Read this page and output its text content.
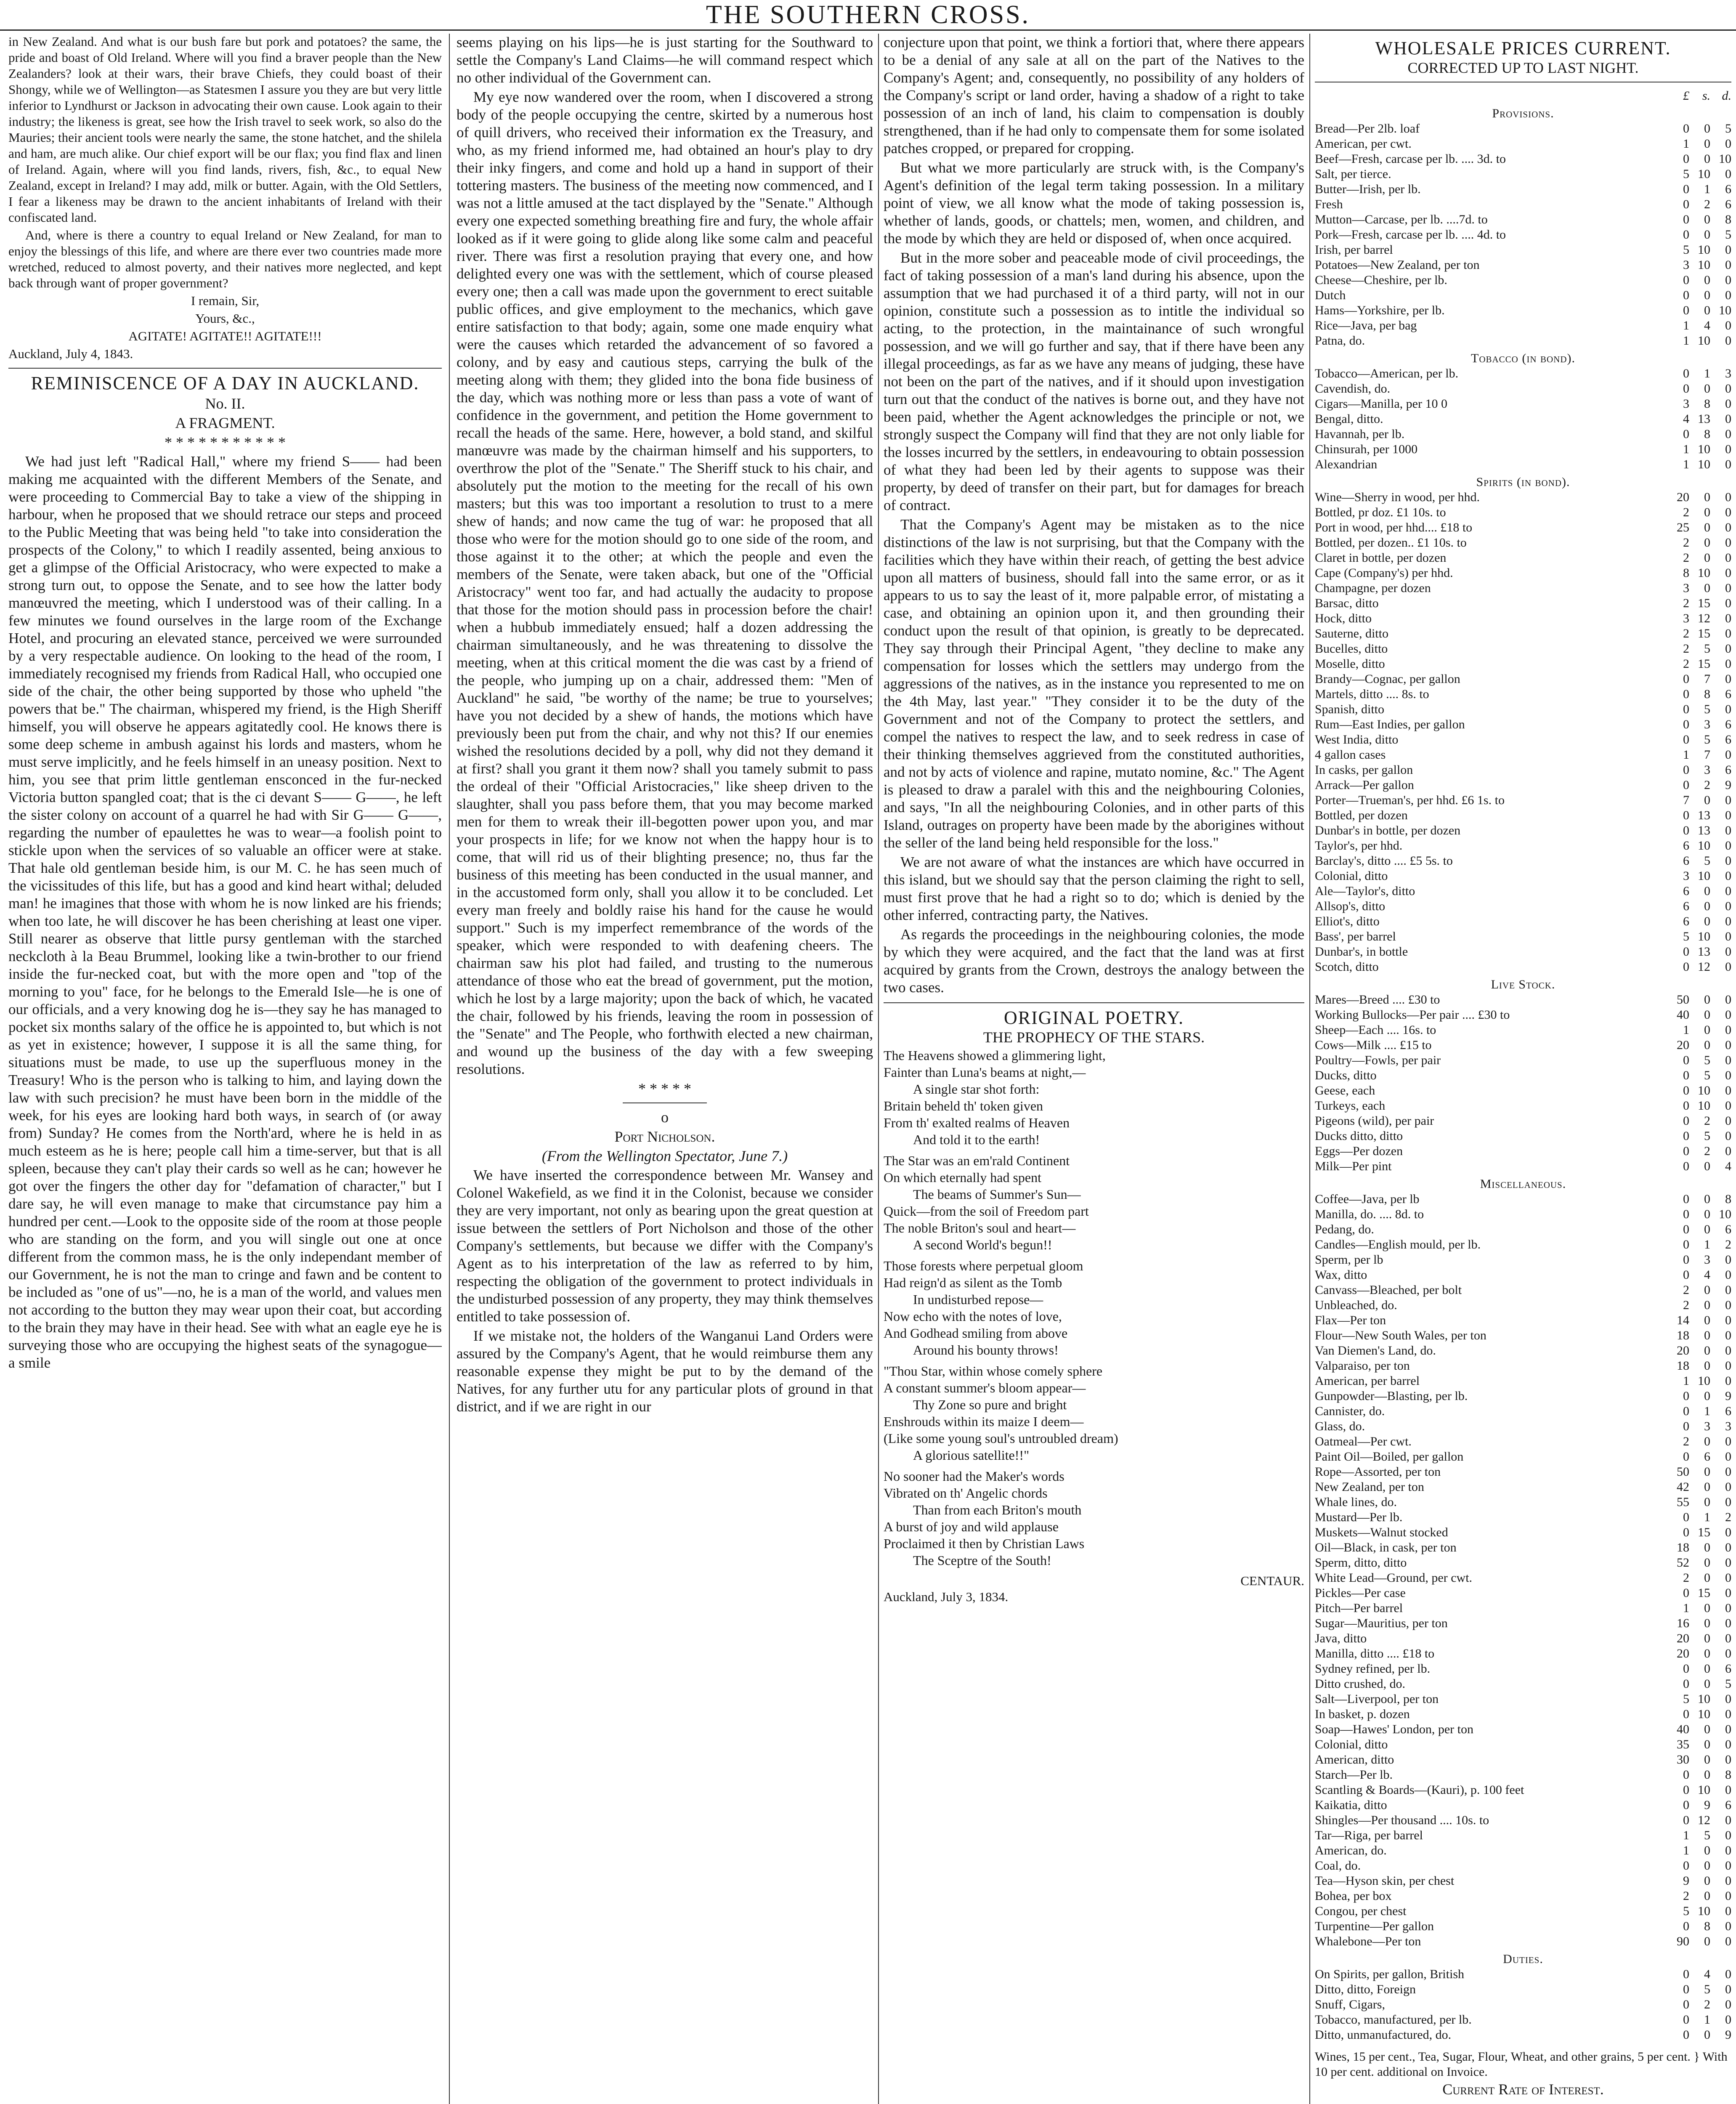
THE SOUTHERN CROSS.

in New Zealand. And what is our bush fare but pork and potatoes? the same, the pride and boast of Old Ireland. Where will you find a braver people than the New Zealanders? look at their wars, their brave Chiefs, they could boast of their Shongy, while we of Wellington—as Statesmen I assure you they are but very little inferior to Lyndhurst or Jackson in advocating their own cause. Look again to their industry; the likeness is great, see how the Irish travel to seek work, so also do the Mauries; their ancient tools were nearly the same, the stone hatchet, and the shilela and ham, are much alike. Our chief export will be our flax; you find flax and linen of Ireland. Again, where will you find lands, rivers, fish, &c., to equal New Zealand, except in Ireland? I may add, milk or butter. Again, with the Old Settlers, I fear a likeness may be drawn to the ancient inhabitants of Ireland with their confiscated land.

And, where is there a country to equal Ireland or New Zealand, for man to enjoy the blessings of this life, and where are there ever two countries made more wretched, reduced to almost poverty, and their natives more neglected, and kept back through want of proper government?

I remain, Sir,

Yours, &c.,

AGITATE! AGITATE!! AGITATE!!!

Auckland, July 4, 1843.

REMINISCENCE OF A DAY IN AUCKLAND.
No. II.
A FRAGMENT.
* * * * * * * * * * *

We had just left "Radical Hall," where my friend S—— had been making me acquainted with the different Members of the Senate, and were proceeding to Commercial Bay to take a view of the shipping in harbour, when he proposed that we should retrace our steps and proceed to the Public Meeting that was being held "to take into consideration the prospects of the Colony," to which I readily assented, being anxious to get a glimpse of the Official Aristocracy, who were expected to make a strong turn out, to oppose the Senate, and to see how the latter body manœuvred the meeting, which I understood was of their calling. In a few minutes we found ourselves in the large room of the Exchange Hotel, and procuring an elevated stance, perceived we were surrounded by a very respectable audience. On looking to the head of the room, I immediately recognised my friends from Radical Hall, who occupied one side of the chair, the other being supported by those who upheld "the powers that be." The chairman, whispered my friend, is the High Sheriff himself, you will observe he appears agitatedly cool. He knows there is some deep scheme in ambush against his lords and masters, whom he must serve implicitly, and he feels himself in an uneasy position. Next to him, you see that prim little gentleman ensconced in the fur-necked Victoria button spangled coat; that is the ci devant S—— G——, he left the sister colony on account of a quarrel he had with Sir G—— G——, regarding the number of epaulettes he was to wear—a foolish point to stickle upon when the services of so valuable an officer were at stake. That hale old gentleman beside him, is our M. C. he has seen much of the vicissitudes of this life, but has a good and kind heart withal; deluded man! he imagines that those with whom he is now linked are his friends; when too late, he will discover he has been cherishing at least one viper. Still nearer as observe that little pursy gentleman with the starched neckcloth à la Beau Brummel, looking like a twin-brother to our friend inside the fur-necked coat, but with the more open and "top of the morning to you" face, for he belongs to the Emerald Isle—he is one of our officials, and a very knowing dog he is—they say he has managed to pocket six months salary of the office he is appointed to, but which is not as yet in existence; however, I suppose it is all the same thing, for situations must be made, to use up the superfluous money in the Treasury! Who is the person who is talking to him, and laying down the law with such precision? he must have been born in the middle of the week, for his eyes are looking hard both ways, in search of (or away from) Sunday? He comes from the North'ard, where he is held in as much esteem as he is here; people call him a time-server, but that is all spleen, because they can't play their cards so well as he can; however he got over the fingers the other day for "defamation of character," but I dare say, he will even manage to make that circumstance pay him a hundred per cent.—Look to the opposite side of the room at those people who are standing on the form, and you will single out one at once different from the common mass, he is the only independant member of our Government, he is not the man to cringe and fawn and be content to be included as "one of us"—no, he is a man of the world, and values men not according to the button they may wear upon their coat, but according to the brain they may have in their head. See with what an eagle eye he is surveying those who are occupying the highest seats of the synagogue—a smile

seems playing on his lips—he is just starting for the Southward to settle the Company's Land Claims—he will command respect which no other individual of the Government can.

My eye now wandered over the room, when I discovered a strong body of the people occupying the centre, skirted by a numerous host of quill drivers, who received their information ex the Treasury, and who, as my friend informed me, had obtained an hour's play to dry their inky fingers, and come and hold up a hand in support of their tottering masters. The business of the meeting now commenced, and I was not a little amused at the tact displayed by the "Senate." Although every one expected something breathing fire and fury, the whole affair looked as if it were going to glide along like some calm and peaceful river. There was first a resolution praying that every one, and how delighted every one was with the settlement, which of course pleased every one; then a call was made upon the government to erect suitable public offices, and give employment to the mechanics, which gave entire satisfaction to that body; again, some one made enquiry what were the causes which retarded the advancement of so favored a colony, and by easy and cautious steps, carrying the bulk of the meeting along with them; they glided into the bona fide business of the day, which was nothing more or less than pass a vote of want of confidence in the government, and petition the Home government to recall the heads of the same. Here, however, a bold stand, and skilful manœuvre was made by the chairman himself and his supporters, to overthrow the plot of the "Senate." The Sheriff stuck to his chair, and absolutely put the motion to the meeting for the recall of his own masters; but this was too important a resolution to trust to a mere shew of hands; and now came the tug of war: he proposed that all those who were for the motion should go to one side of the room, and those against it to the other; at which the people and even the members of the Senate, were taken aback, but one of the "Official Aristocracy" went too far, and had actually the audacity to propose that those for the motion should pass in procession before the chair! when a hubbub immediately ensued; half a dozen addressing the chairman simultaneously, and he was threatening to dissolve the meeting, when at this critical moment the die was cast by a friend of the people, who jumping up on a chair, addressed them: "Men of Auckland" he said, "be worthy of the name; be true to yourselves; have you not decided by a shew of hands, the motions which have previously been put from the chair, and why not this? If our enemies wished the resolutions decided by a poll, why did not they demand it at first? shall you grant it them now? shall you tamely submit to pass the ordeal of their "Official Aristocracies," like sheep driven to the slaughter, shall you pass before them, that you may become marked men for them to wreak their ill-begotten power upon you, and mar your prospects in life; for we know not when the happy hour is to come, that will rid us of their blighting presence; no, thus far the business of this meeting has been conducted in the usual manner, and in the accustomed form only, shall you allow it to be concluded. Let every man freely and boldly raise his hand for the cause he would support." Such is my imperfect remembrance of the words of the speaker, which were responded to with deafening cheers. The chairman saw his plot had failed, and trusting to the numerous attendance of those who eat the bread of government, put the motion, which he lost by a large majority; upon the back of which, he vacated the chair, followed by his friends, leaving the room in possession of the "Senate" and The People, who forthwith elected a new chairman, and wound up the business of the day with a few sweeping resolutions.

* * * * *
o
Port Nicholson.
(From the Wellington Spectator, June 7.)

We have inserted the correspondence between Mr. Wansey and Colonel Wakefield, as we find it in the Colonist, because we consider they are very important, not only as bearing upon the great question at issue between the settlers of Port Nicholson and those of the other Company's settlements, but because we differ with the Company's Agent as to his interpretation of the law as referred to by him, respecting the obligation of the government to protect individuals in the undisturbed possession of any property, they may think themselves entitled to take possession of.

If we mistake not, the holders of the Wanganui Land Orders were assured by the Company's Agent, that he would reimburse them any reasonable expense they might be put to by the demand of the Natives, for any further utu for any particular plots of ground in that district, and if we are right in our

conjecture upon that point, we think a fortiori that, where there appears to be a denial of any sale at all on the part of the Natives to the Company's Agent; and, consequently, no possibility of any holders of the Company's script or land order, having a shadow of a right to take possession of an inch of land, his claim to compensation is doubly strengthened, than if he had only to compensate them for some isolated patches cropped, or prepared for cropping.

But what we more particularly are struck with, is the Company's Agent's definition of the legal term taking possession. In a military point of view, we all know what the mode of taking possession is, whether of lands, goods, or chattels; men, women, and children, and the mode by which they are held or disposed of, when once acquired.

But in the more sober and peaceable mode of civil proceedings, the fact of taking possession of a man's land during his absence, upon the assumption that we had purchased it of a third party, will not in our opinion, constitute such a possession as to intitle the individual so acting, to the protection, in the maintainance of such wrongful possession, and we will go further and say, that if there have been any illegal proceedings, as far as we have any means of judging, these have not been on the part of the natives, and if it should upon investigation turn out that the conduct of the natives is borne out, and they have not been paid, whether the Agent acknowledges the principle or not, we strongly suspect the Company will find that they are not only liable for the losses incurred by the settlers, in endeavouring to obtain possession of what they had been led by their agents to suppose was their property, by deed of transfer on their part, but for damages for breach of contract.

That the Company's Agent may be mistaken as to the nice distinctions of the law is not surprising, but that the Company with the facilities which they have within their reach, of getting the best advice upon all matters of business, should fall into the same error, or as it appears to us to say the least of it, more palpable error, of mistating a case, and obtaining an opinion upon it, and then grounding their conduct upon the result of that opinion, is greatly to be deprecated. They say through their Principal Agent, "they decline to make any compensation for losses which the settlers may undergo from the aggressions of the natives, as in the instance you represented to me on the 4th May, last year." "They consider it to be the duty of the Government and not of the Company to protect the settlers, and compel the natives to respect the law, and to seek redress in case of their thinking themselves aggrieved from the constituted authorities, and not by acts of violence and rapine, mutato nomine, &c." The Agent is pleased to draw a paralel with this and the neighbouring Colonies, and says, "In all the neighbouring Colonies, and in other parts of this Island, outrages on property have been made by the aborigines without the seller of the land being held responsible for the loss."

We are not aware of what the instances are which have occurred in this island, but we should say that the person claiming the right to sell, must first prove that he had a right so to do; which is denied by the other inferred, contracting party, the Natives.

As regards the proceedings in the neighbouring colonies, the mode by which they were acquired, and the fact that the land was at first acquired by grants from the Crown, destroys the analogy between the two cases.

ORIGINAL POETRY.
THE PROPHECY OF THE STARS.
The Heavens showed a glimmering light,
Fainter than Luna's beams at night,—
A single star shot forth:
Britain beheld th' token given
From th' exalted realms of Heaven
And told it to the earth!
The Star was an em'rald Continent
On which eternally had spent
The beams of Summer's Sun—
Quick—from the soil of Freedom part
The noble Briton's soul and heart—
A second World's begun!!
Those forests where perpetual gloom
Had reign'd as silent as the Tomb
In undisturbed repose—
Now echo with the notes of love,
And Godhead smiling from above
Around his bounty throws!
"Thou Star, within whose comely sphere
A constant summer's bloom appear—
Thy Zone so pure and bright
Enshrouds within its maize I deem—
(Like some young soul's untroubled dream)
A glorious satellite!!"
No sooner had the Maker's words
Vibrated on th' Angelic chords
Than from each Briton's mouth
A burst of joy and wild applause
Proclaimed it then by Christian Laws
The Sceptre of the South!
CENTAUR.
Auckland, July 3, 1834.
WHOLESALE PRICES CURRENT.
CORRECTED UP TO LAST NIGHT.
	£	s.	d.
Provisions.			
Bread—Per 2lb. loaf	0	0	5
American, per cwt.	1	0	0
Beef—Fresh, carcase per lb. .... 3d. to	0	0	10
Salt, per tierce.	5	10	0
Butter—Irish, per lb.	0	1	6
Fresh	0	2	6
Mutton—Carcase, per lb. ....7d. to	0	0	8
Pork—Fresh, carcase per lb. .... 4d. to	0	0	5
Irish, per barrel	5	10	0
Potatoes—New Zealand, per ton	3	10	0
Cheese—Cheshire, per lb.	0	0	0
Dutch	0	0	0
Hams—Yorkshire, per lb.	0	0	10
Rice—Java, per bag	1	4	0
Patna, do.	1	10	0
Tobacco (in bond).			
Tobacco—American, per lb.	0	1	3
Cavendish, do.	0	0	0
Cigars—Manilla, per 10 0	3	8	0
Bengal, ditto.	4	13	0
Havannah, per lb.	0	8	0
Chinsurah, per 1000	1	10	0
Alexandrian	1	10	0
Spirits (in bond).			
Wine—Sherry in wood, per hhd.	20	0	0
Bottled, pr doz. £1 10s. to	2	0	0
Port in wood, per hhd.... £18 to	25	0	0
Bottled, per dozen.. £1 10s. to	2	0	0
Claret in bottle, per dozen	2	0	0
Cape (Company's) per hhd.	8	10	0
Champagne, per dozen	3	0	0
Barsac, ditto	2	15	0
Hock, ditto	3	12	0
Sauterne, ditto	2	15	0
Bucelles, ditto	2	5	0
Moselle, ditto	2	15	0
Brandy—Cognac, per gallon	0	7	0
Martels, ditto .... 8s. to	0	8	6
Spanish, ditto	0	5	0
Rum—East Indies, per gallon	0	3	6
West India, ditto	0	5	6
4 gallon cases	1	7	0
In casks, per gallon	0	3	6
Arrack—Per gallon	0	2	9
Porter—Trueman's, per hhd. £6 1s. to	7	0	0
Bottled, per dozen	0	13	0
Dunbar's in bottle, per dozen	0	13	0
Taylor's, per hhd.	6	10	0
Barclay's, ditto .... £5 5s. to	6	5	0
Colonial, ditto	3	10	0
Ale—Taylor's, ditto	6	0	0
Allsop's, ditto	6	0	0
Elliot's, ditto	6	0	0
Bass', per barrel	5	10	0
Dunbar's, in bottle	0	13	0
Scotch, ditto	0	12	0
Live Stock.			
Mares—Breed .... £30 to	50	0	0
Working Bullocks—Per pair .... £30 to	40	0	0
Sheep—Each .... 16s. to	1	0	0
Cows—Milk .... £15 to	20	0	0
Poultry—Fowls, per pair	0	5	0
Ducks, ditto	0	5	0
Geese, each	0	10	0
Turkeys, each	0	10	0
Pigeons (wild), per pair	0	2	0
Ducks ditto, ditto	0	5	0
Eggs—Per dozen	0	2	0
Milk—Per pint	0	0	4
Miscellaneous.			
Coffee—Java, per lb	0	0	8
Manilla, do. .... 8d. to	0	0	10
Pedang, do.	0	0	6
Candles—English mould, per lb.	0	1	2
Sperm, per lb	0	3	0
Wax, ditto	0	4	0
Canvass—Bleached, per bolt	2	0	0
Unbleached, do.	2	0	0
Flax—Per ton	14	0	0
Flour—New South Wales, per ton	18	0	0
Van Diemen's Land, do.	20	0	0
Valparaiso, per ton	18	0	0
American, per barrel	1	10	0
Gunpowder—Blasting, per lb.	0	0	9
Cannister, do.	0	1	6
Glass, do.	0	3	3
Oatmeal—Per cwt.	2	0	0
Paint Oil—Boiled, per gallon	0	6	0
Rope—Assorted, per ton	50	0	0
New Zealand, per ton	42	0	0
Whale lines, do.	55	0	0
Mustard—Per lb.	0	1	2
Muskets—Walnut stocked	0	15	0
Oil—Black, in cask, per ton	18	0	0
Sperm, ditto, ditto	52	0	0
White Lead—Ground, per cwt.	2	0	0
Pickles—Per case	0	15	0
Pitch—Per barrel	1	0	0
Sugar—Mauritius, per ton	16	0	0
Java, ditto	20	0	0
Manilla, ditto .... £18 to	20	0	0
Sydney refined, per lb.	0	0	6
Ditto crushed, do.	0	0	5
Salt—Liverpool, per ton	5	10	0
In basket, p. dozen	0	10	0
Soap—Hawes' London, per ton	40	0	0
Colonial, ditto	35	0	0
American, ditto	30	0	0
Starch—Per lb.	0	0	8
Scantling & Boards—(Kauri), p. 100 feet	0	10	0
Kaikatia, ditto	0	9	6
Shingles—Per thousand .... 10s. to	0	12	0
Tar—Riga, per barrel	1	5	0
American, do.	1	0	0
Coal, do.	0	0	0
Tea—Hyson skin, per chest	9	0	0
Bohea, per box	2	0	0
Congou, per chest	5	10	0
Turpentine—Per gallon	0	8	0
Whalebone—Per ton	90	0	0
Duties.			
On Spirits, per gallon, British	0	4	0
Ditto, ditto, Foreign	0	5	0
Snuff, Cigars,	0	2	0
Tobacco, manufactured, per lb.	0	1	0
Ditto, unmanufactured, do.	0	0	9
Wines, 15 per cent., Tea, Sugar, Flour, Wheat, and other grains, 5 per cent. } With 10 per cent. additional on Invoice.
Current Rate of Interest.
